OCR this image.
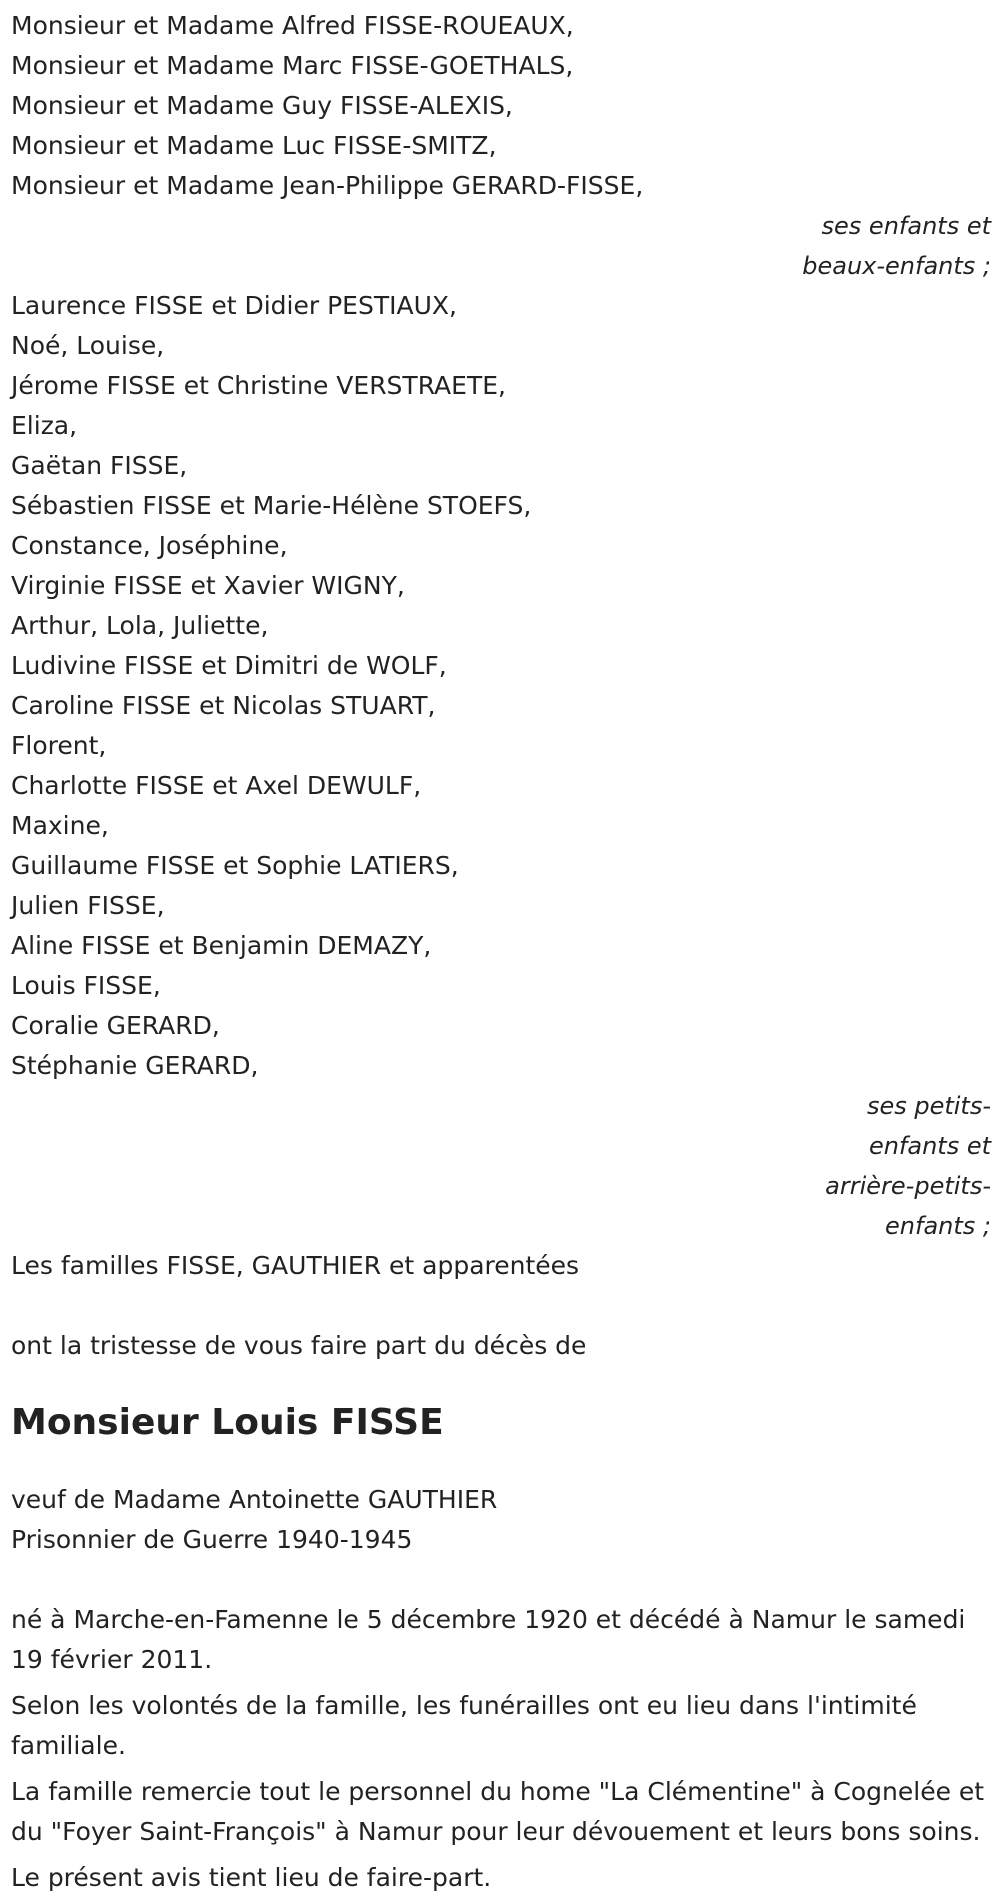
Monsieur et Madame Alfred FISSE-ROUEAUX,
Monsieur et Madame Marc FISSE-GOETHALS,
Monsieur et Madame Guy FISSE-ALEXIS,
Monsieur et Madame Luc FISSE-SMITZ,
Monsieur et Madame Jean-Philippe GERARD-FISSE,
ses enfants et beaux-enfants ;
Laurence FISSE et Didier PESTIAUX,
Noé, Louise,
Jérome FISSE et Christine VERSTRAETE,
Eliza,
Gaëtan FISSE,
Sébastien FISSE et Marie-Hélène STOEFS,
Constance, Joséphine,
Virginie FISSE et Xavier WIGNY,
Arthur, Lola, Juliette,
Ludivine FISSE et Dimitri de WOLF,
Caroline FISSE et Nicolas STUART,
Florent,
Charlotte FISSE et Axel DEWULF,
Maxine,
Guillaume FISSE et Sophie LATIERS,
Julien FISSE,
Aline FISSE et Benjamin DEMAZY,
Louis FISSE,
Coralie GERARD,
Stéphanie GERARD,
ses petits-enfants et arrière-petits-enfants ;
Les familles FISSE, GAUTHIER et apparentées
ont la tristesse de vous faire part du décès de
Monsieur Louis FISSE
veuf de Madame Antoinette GAUTHIER
Prisonnier de Guerre 1940-1945

né à Marche-en-Famenne le 5 décembre 1920 et décédé à Namur le samedi 19 février 2011.

Selon les volontés de la famille, les funérailles ont eu lieu dans l'intimité familiale.

La famille remercie tout le personnel du home "La Clémentine" à Cognelée et du "Foyer Saint-François" à Namur pour leur dévouement et leurs bons soins.

Le présent avis tient lieu de faire-part.
